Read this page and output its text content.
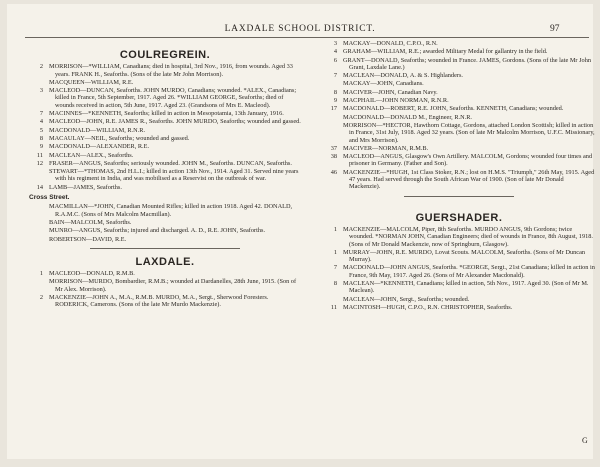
LAXDALE SCHOOL DISTRICT.	97
COULREGREIN.
2 MORRISON—*WILLIAM, Canadians; died in hospital, 3rd Nov., 1916, from wounds. Aged 33 years. FRANK H., Seaforths. (Sons of the late Mr John Morrison).
MACQUEEN—WILLIAM, R.E.
3 MACLEOD—DUNCAN, Seaforths. JOHN MURDO, Canadians; wounded. *ALEX., Canadians; killed in France, 5th September, 1917. Aged 26. *WILLIAM GEORGE, Seaforths; died of wounds received in action, 5th June, 1917. Aged 23. (Grandsons of Mrs E. Macleod).
7 MACINNES—*KENNETH, Seaforths; killed in action in Mesopotamia, 13th January, 1916.
4 MACLEOD—JOHN, R.E. JAMES R., Seaforths. JOHN MURDO, Seaforths; wounded and gassed.
5 MACDONALD—WILLIAM, R.N.R.
8 MACAULAY—NEIL, Seaforths; wounded and gassed.
9 MACDONALD—ALEXANDER, R.E.
11 MACLEAN—ALEX., Seaforths.
12 FRASER—ANGUS, Seaforths; seriously wounded. JOHN M., Seaforths. DUNCAN, Seaforths.
STEWART—*THOMAS, 2nd H.L.I.; killed in action 13th Nov., 1914. Aged 31. Served nine years with his regiment in India, and was mobilised as a Reservist on the outbreak of war.
14 LAMB—JAMES, Seaforths.
Cross Street.
MACMILLAN—*JOHN, Canadian Mounted Rifles; killed in action 1918. Aged 42. DONALD, R.A.M.C. (Sons of Mrs Malcolm Macmillan).
BAIN—MALCOLM, Seaforths.
MUNRO—ANGUS, Seaforths; injured and discharged. A. D., R.E. JOHN, Seaforths.
ROBERTSON—DAVID, R.E.
LAXDALE.
1 MACLEOD—DONALD, R.M.B.
MORRISON—MURDO, Bombardier, R.M.B.; wounded at Dardanelles, 28th June, 1915. (Son of Mr Alex. Morrison).
2 MACKENZIE—JOHN A., M.A., R.M.B. MURDO, M.A., Sergt., Sherwood Foresters. RODERICK, Camerons. (Sons of the late Mr Murdo Mackenzie).
3 MACKAY—DONALD, C.P.O., R.N.
4 GRAHAM—WILLIAM, R.E.; awarded Military Medal for gallantry in the field.
6 GRANT—DONALD, Seaforths; wounded in France. JAMES, Gordons. (Sons of the late Mr John Grant, Laxdale Lane.)
7 MACLEAN—DONALD, A. & S. Highlanders.
MACKAY—JOHN, Canadians.
8 MACIVER—JOHN, Canadian Navy.
9 MACPHAIL—JOHN NORMAN, R.N.R.
17 MACDONALD—ROBERT, R.E. JOHN, Seaforths. KENNETH, Canadians; wounded.
MACDONALD—DONALD M., Engineer, R.N.R.
MORRISON—*HECTOR, Hawthorn Cottage, Gordons, attached London Scottish; killed in action in France, 31st July, 1918. Aged 32 years. (Son of late Mr Malcolm Morrison, U.F.C. Missionary, and Mrs Morrison).
37 MACIVER—NORMAN, R.M.B.
38 MACLEOD—ANGUS, Glasgow's Own Artillery. MALCOLM, Gordons; wounded four times and prisoner in Germany. (Father and Son).
46 MACKENZIE—*HUGH, 1st Class Stoker, R.N.; lost on H.M.S. "Triumph," 26th May, 1915. Aged 47 years. Had served through the South African War of 1900. (Son of late Mr Donald Mackenzie).
GUERSHADER.
1 MACKENZIE—MALCOLM, Piper, 8th Seaforths. MURDO ANGUS, 9th Gordons; twice wounded. *NORMAN JOHN, Canadian Engineers; died of wounds in France, 8th August, 1918. (Sons of Mr Donald Mackenzie, now of Springburn, Glasgow).
1 MURRAY—JOHN, R.E. MURDO, Lovat Scouts. MALCOLM, Seaforths. (Sons of Mr Duncan Murray).
7 MACDONALD—JOHN ANGUS, Seaforths. *GEORGE, Sergt., 21st Canadians; killed in action in France, 9th May, 1917. Aged 26. (Sons of Mr Alexander Macdonald).
8 MACLEAN—*KENNETH, Canadians; killed in action, 5th Nov., 1917. Aged 30. (Son of Mr M. Maclean).
MACLEAN—JOHN, Sergt., Seaforths; wounded.
11 MACINTOSH—HUGH, C.P.O., R.N. CHRISTOPHER, Seaforths.
G
